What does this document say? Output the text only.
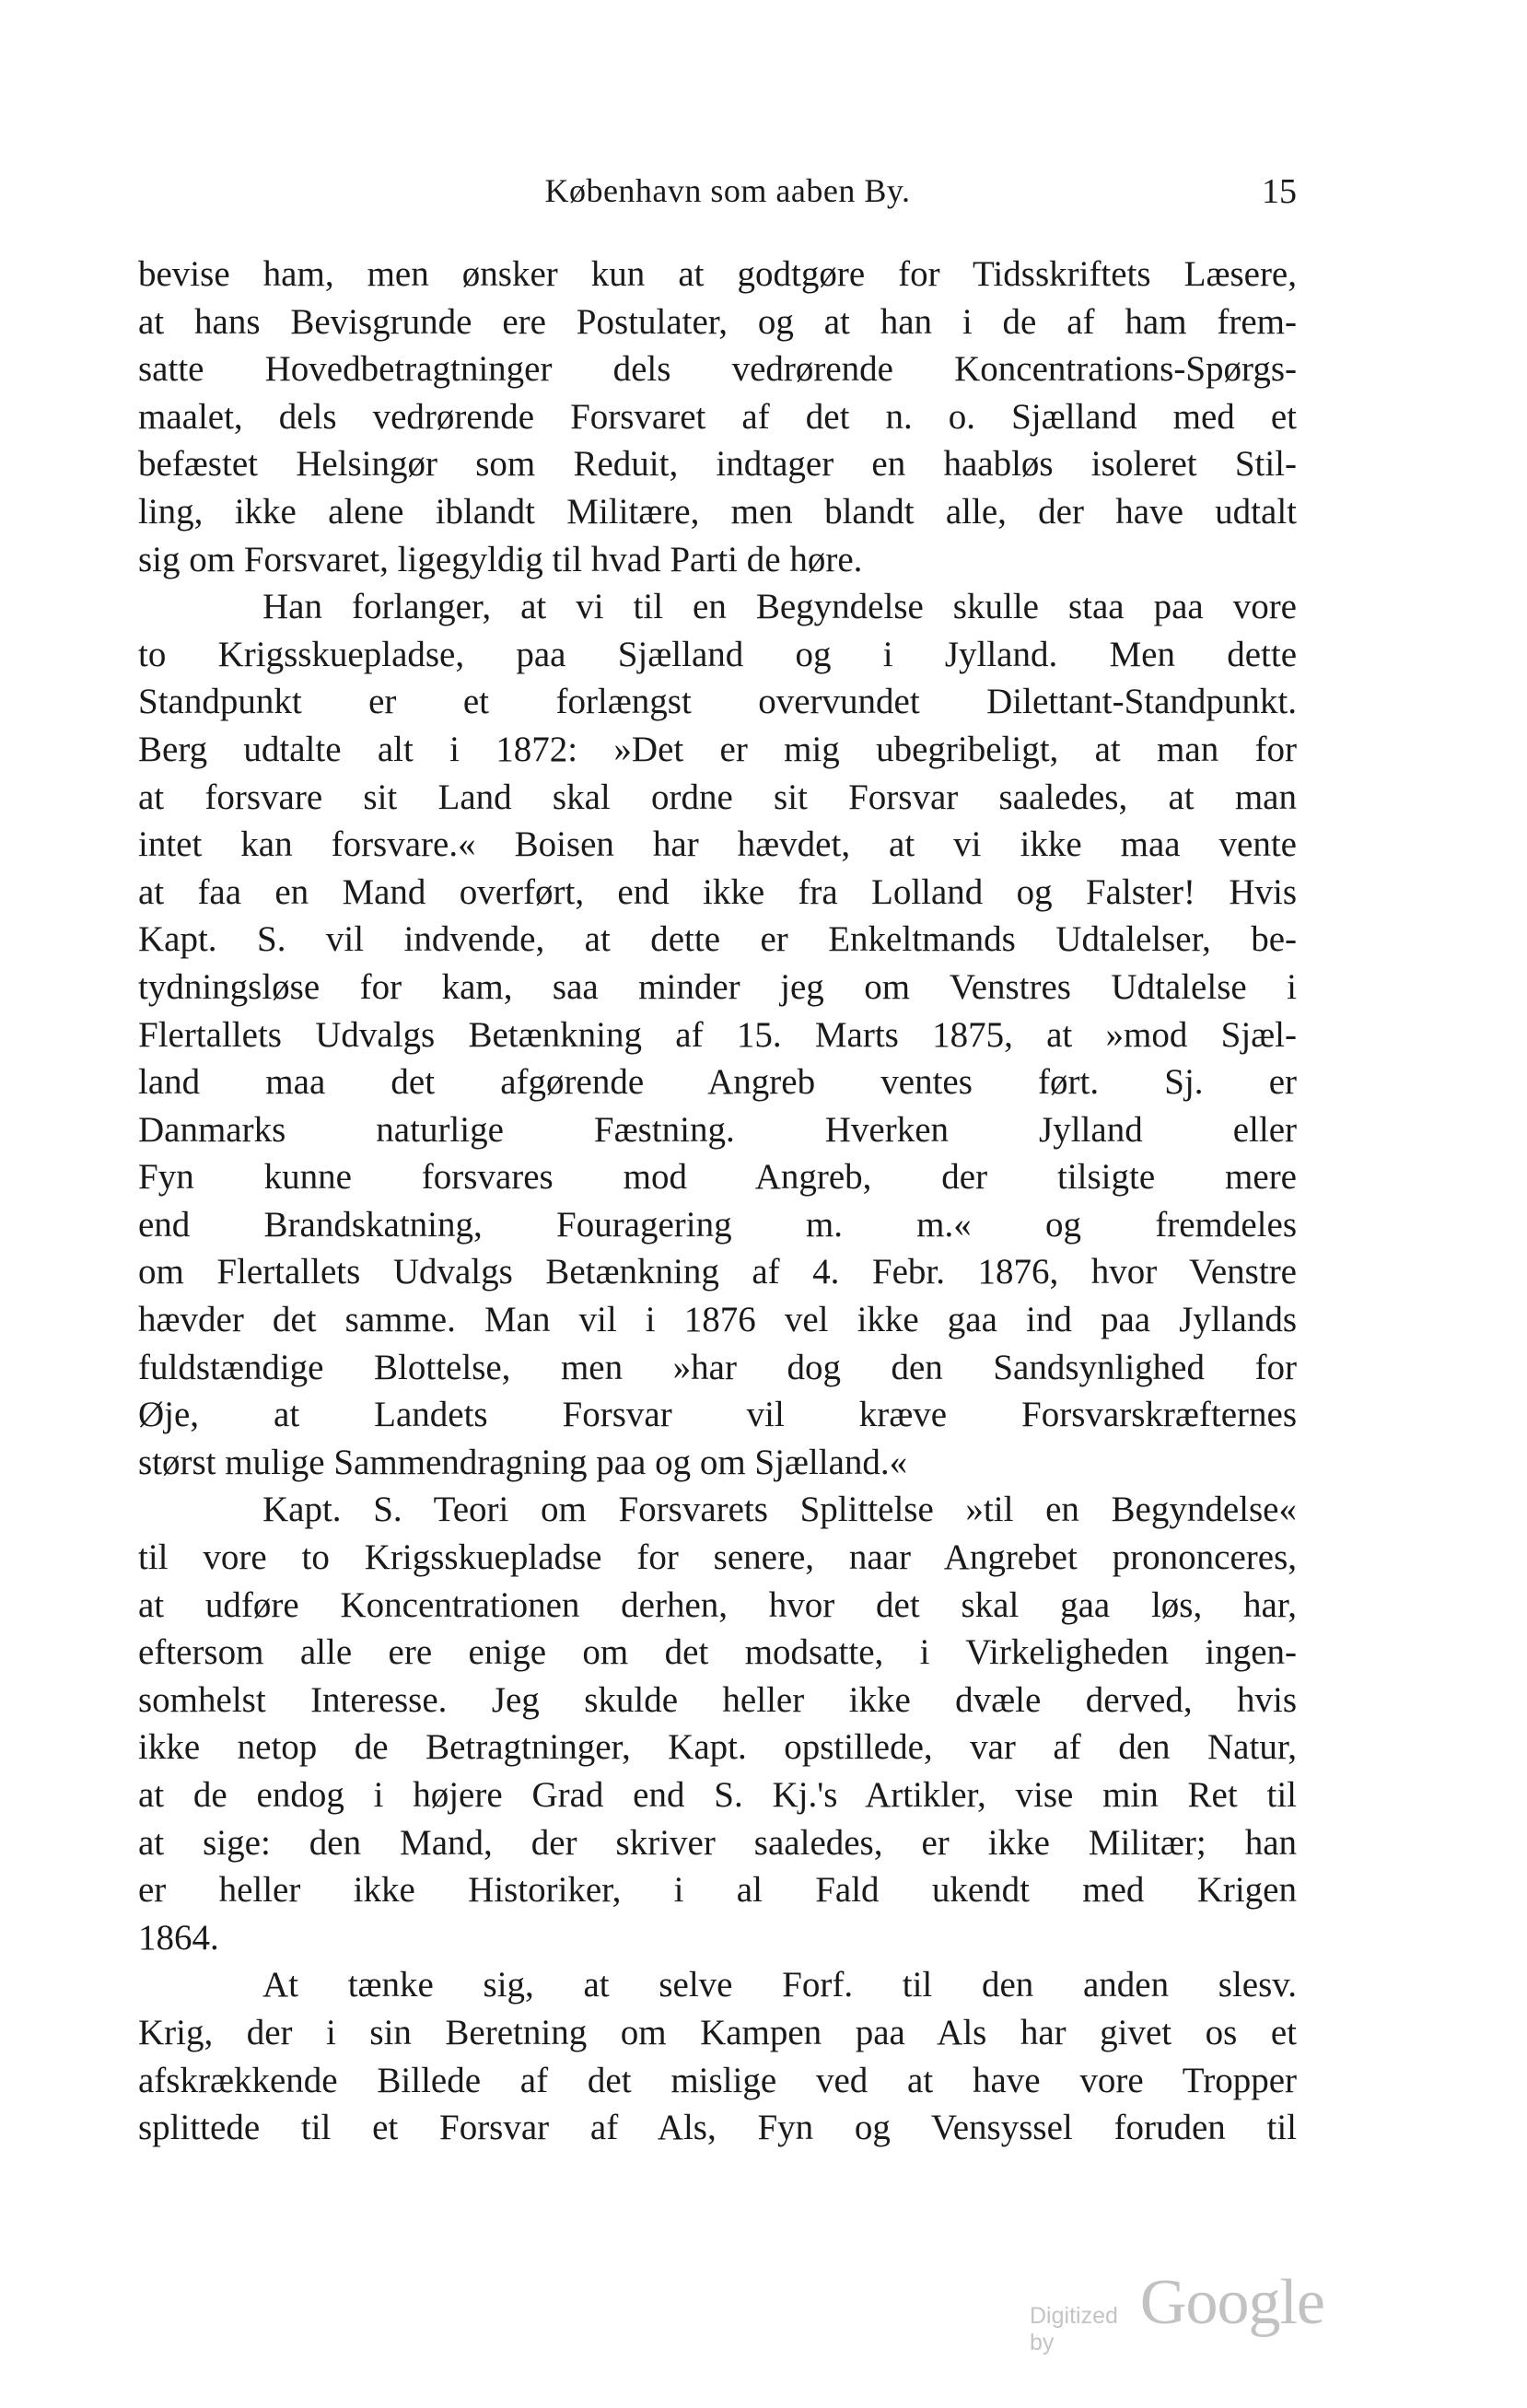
København som aaben By.	15
bevise ham, men ønsker kun at godtgøre for Tidsskriftets Læsere,
at hans Bevisgrunde ere Postulater, og at han i de af ham frem-
satte Hovedbetragtninger dels vedrørende Koncentrations-Spørgs-
maalet, dels vedrørende Forsvaret af det n. o. Sjælland med et
befæstet Helsingør som Reduit, indtager en haabløs isoleret Stil-
ling, ikke alene iblandt Militære, men blandt alle, der have udtalt
sig om Forsvaret, ligegyldig til hvad Parti de høre.
Han forlanger, at vi til en Begyndelse skulle staa paa vore
to Krigsskuepladse, paa Sjælland og i Jylland. Men dette
Standpunkt er et forlængst overvundet Dilettant-Standpunkt.
Berg udtalte alt i 1872: »Det er mig ubegribeligt, at man for
at forsvare sit Land skal ordne sit Forsvar saaledes, at man
intet kan forsvare.« Boisen har hævdet, at vi ikke maa vente
at faa en Mand overført, end ikke fra Lolland og Falster! Hvis
Kapt. S. vil indvende, at dette er Enkeltmands Udtalelser, be-
tydningsløse for kam, saa minder jeg om Venstres Udtalelse i
Flertallets Udvalgs Betænkning af 15. Marts 1875, at »mod Sjæl-
land maa det afgørende Angreb ventes ført. Sj. er
Danmarks naturlige Fæstning. Hverken Jylland eller
Fyn kunne forsvares mod Angreb, der tilsigte mere
end Brandskatning, Fouragering m. m.« og fremdeles
om Flertallets Udvalgs Betænkning af 4. Febr. 1876, hvor Venstre
hævder det samme. Man vil i 1876 vel ikke gaa ind paa Jyllands
fuldstændige Blottelse, men »har dog den Sandsynlighed for
Øje, at Landets Forsvar vil kræve Forsvarskræfternes
størst mulige Sammendragning paa og om Sjælland.«
Kapt. S. Teori om Forsvarets Splittelse »til en Begyndelse«
til vore to Krigsskuepladse for senere, naar Angrebet prononceres,
at udføre Koncentrationen derhen, hvor det skal gaa løs, har,
eftersom alle ere enige om det modsatte, i Virkeligheden ingen-
somhelst Interesse. Jeg skulde heller ikke dvæle derved, hvis
ikke netop de Betragtninger, Kapt. opstillede, var af den Natur,
at de endog i højere Grad end S. Kj.'s Artikler, vise min Ret til
at sige: den Mand, der skriver saaledes, er ikke Militær; han
er heller ikke Historiker, i al Fald ukendt med Krigen
1864.
At tænke sig, at selve Forf. til den anden slesv.
Krig, der i sin Beretning om Kampen paa Als har givet os et
afskrækkende Billede af det mislige ved at have vore Tropper
splittede til et Forsvar af Als, Fyn og Vensyssel foruden til
Digitized by
Google
